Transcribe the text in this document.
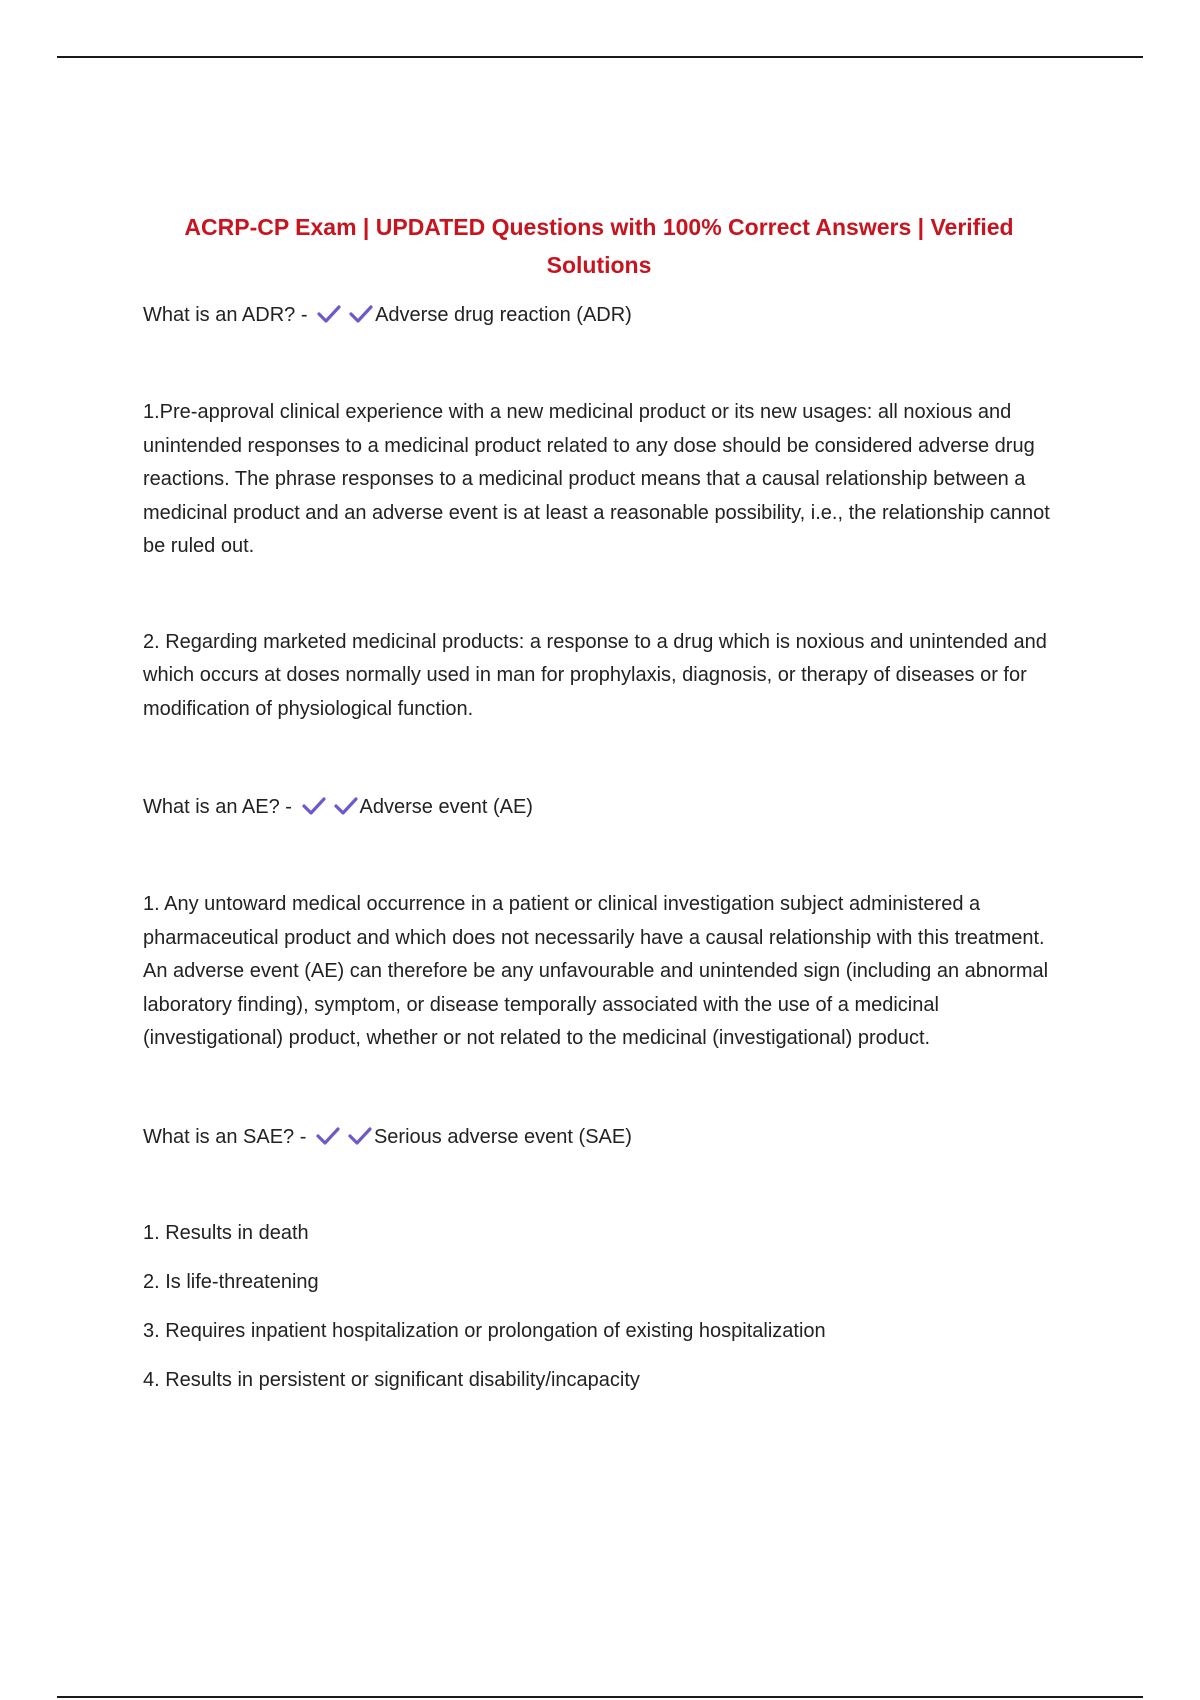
ACRP-CP Exam | UPDATED Questions with 100% Correct Answers | Verified
Solutions

What is an ADR? -	Adverse drug reaction (ADR)

1.Pre-approval clinical experience with a new medicinal product or its new usages: all noxious and unintended responses to a medicinal product related to any dose should be considered adverse drug reactions. The phrase responses to a medicinal product means that a causal relationship between a medicinal product and an adverse event is at least a reasonable possibility, i.e., the relationship cannot be ruled out.

2. Regarding marketed medicinal products: a response to a drug which is noxious and unintended and which occurs at doses normally used in man for prophylaxis, diagnosis, or therapy of diseases or for modification of physiological function.

What is an AE? -	Adverse event (AE)

1. Any untoward medical occurrence in a patient or clinical investigation subject administered a pharmaceutical product and which does not necessarily have a causal relationship with this treatment. An adverse event (AE) can therefore be any unfavourable and unintended sign (including an abnormal laboratory finding), symptom, or disease temporally associated with the use of a medicinal (investigational) product, whether or not related to the medicinal (investigational) product.

What is an SAE? -	Serious adverse event (SAE)

1. Results in death

2. Is life-threatening

3. Requires inpatient hospitalization or prolongation of existing hospitalization

4. Results in persistent or significant disability/incapacity
